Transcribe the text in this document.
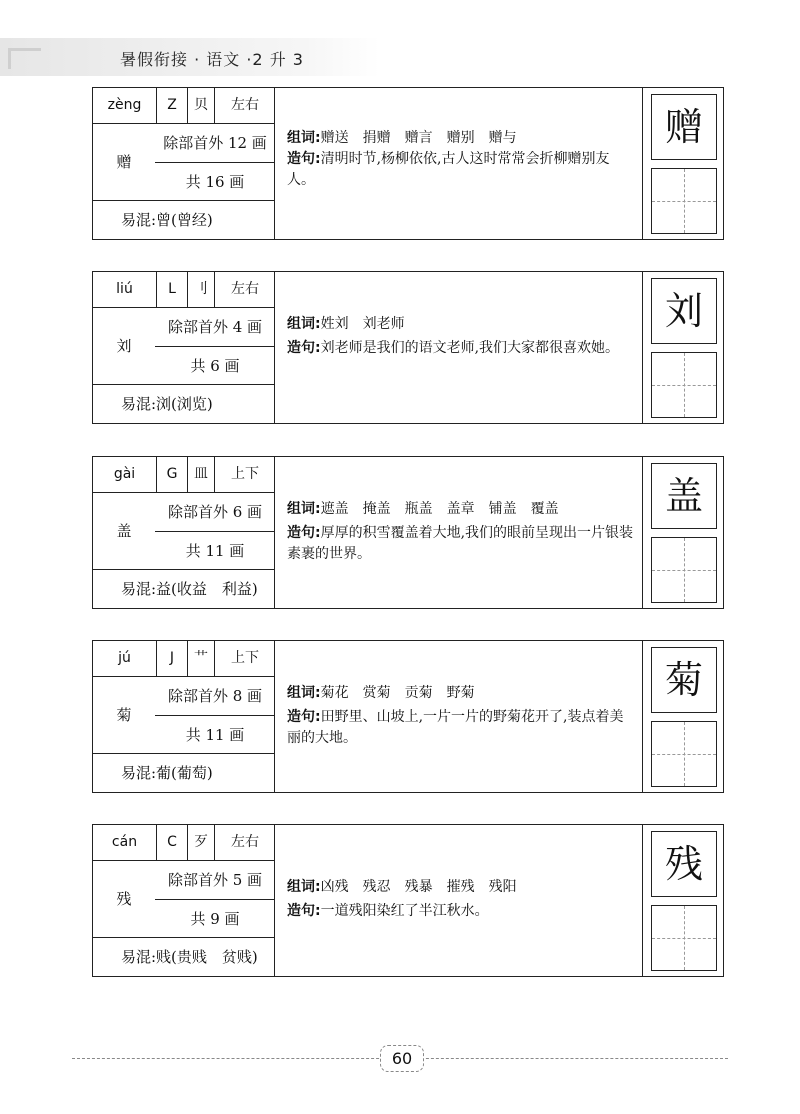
暑假衔接 · 语文 ·2 升 3
zèng	Z	贝	左右
赠
除部首外 12 画
共 16 画
易混:曾(曾经)
组词:赠送　捐赠　赠言　赠别　赠与
造句:清明时节,杨柳依依,古人这时常常会折柳赠别友人。
赠
liú	L	刂	左右
刘
除部首外 4 画
共 6 画
易混:浏(浏览)
组词:姓刘　刘老师
造句:刘老师是我们的语文老师,我们大家都很喜欢她。
刘
gài	G	皿	上下
盖
除部首外 6 画
共 11 画
易混:益(收益　利益)
组词:遮盖　掩盖　瓶盖　盖章　铺盖　覆盖
造句:厚厚的积雪覆盖着大地,我们的眼前呈现出一片银装素裹的世界。
盖
jú	J	艹	上下
菊
除部首外 8 画
共 11 画
易混:葡(葡萄)
组词:菊花　赏菊　贡菊　野菊
造句:田野里、山坡上,一片一片的野菊花开了,装点着美丽的大地。
菊
cán	C	歹	左右
残
除部首外 5 画
共 9 画
易混:贱(贵贱　贫贱)
组词:凶残　残忍　残暴　摧残　残阳
造句:一道残阳染红了半江秋水。
残
60
